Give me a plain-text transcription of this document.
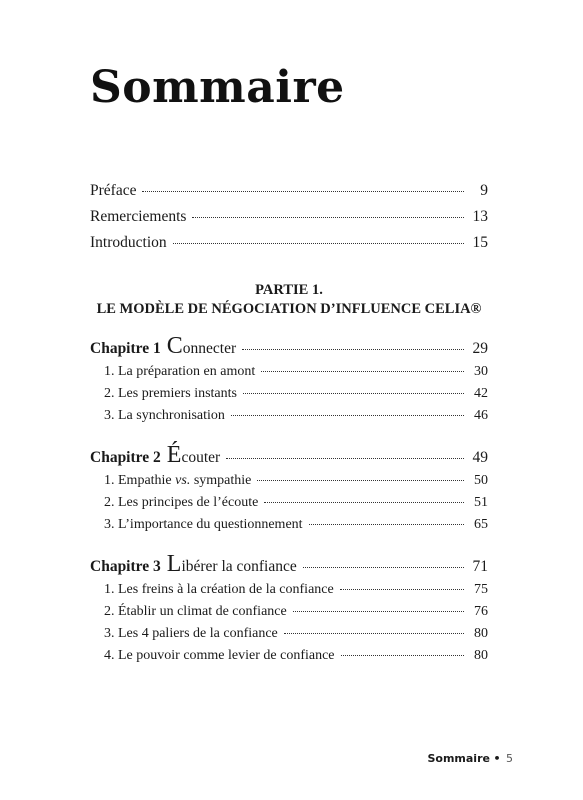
Sommaire
Préface	9
Remerciements	13
Introduction	15
PARTIE 1.
LE MODÈLE DE NÉGOCIATION D’INFLUENCE CELIA®
Chapitre 1 Connecter	29
1. La préparation en amont	30
2. Les premiers instants	42
3. La synchronisation	46
Chapitre 2 Écouter	49
1. Empathie vs. sympathie	50
2. Les principes de l’écoute	51
3. L’importance du questionnement	65
Chapitre 3 Libérer la confiance	71
1. Les freins à la création de la confiance	75
2. Établir un climat de confiance	76
3. Les 4 paliers de la confiance	80
4. Le pouvoir comme levier de confiance	80
Sommaire • 5
